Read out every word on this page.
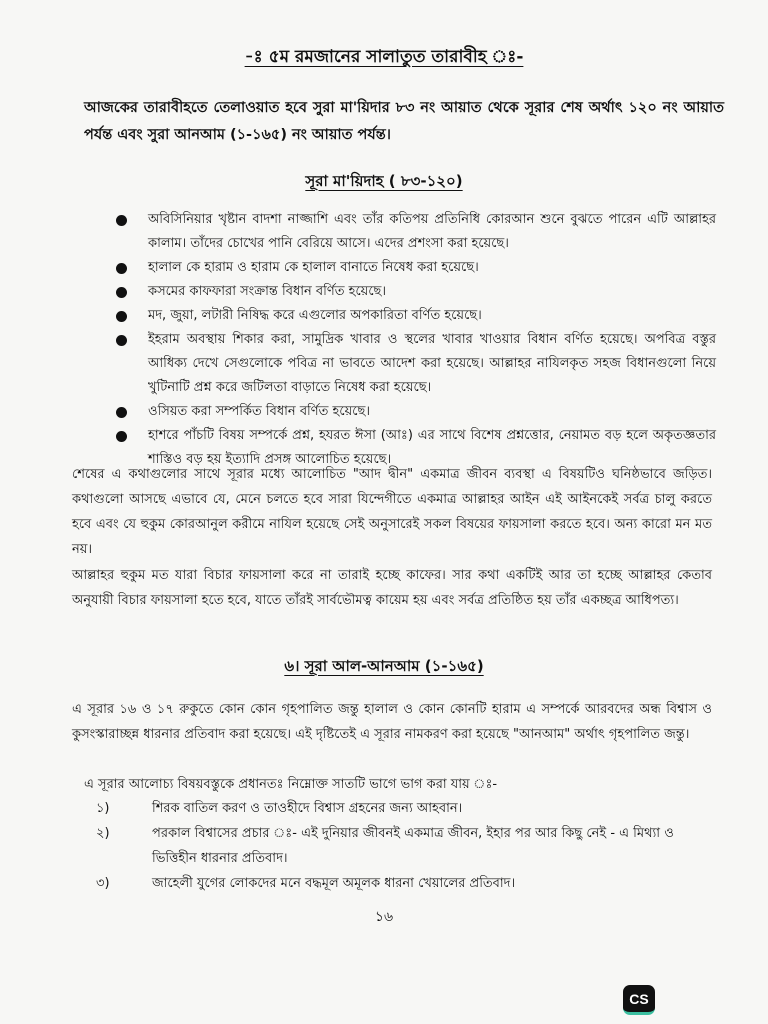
-ঃ ৫ম রমজানের সালাতুত তারাবীহ ঃ-

আজকের তারাবীহতে তেলাওয়াত হবে সুরা মা'য়িদার ৮৩ নং আয়াত থেকে সূরার শেষ অর্থাৎ ১২০ নং আয়াত পর্যন্ত এবং সুরা আনআম (১-১৬৫) নং আয়াত পর্যন্ত।

সূরা মা'য়িদাহ ( ৮৩-১২০)
অবিসিনিয়ার খৃষ্টান বাদশা নাজ্জাশি এবং তাঁর কতিপয় প্রতিনিধি কোরআন শুনে বুঝতে পারেন এটি আল্লাহর কালাম। তাঁদের চোখের পানি বেরিয়ে আসে। এদের প্রশংসা করা হয়েছে।
হালাল কে হারাম ও হারাম কে হালাল বানাতে নিষেধ করা হয়েছে।
কসমের কাফফারা সংক্রান্ত বিধান বর্ণিত হয়েছে।
মদ, জুয়া, লটারী নিষিদ্ধ করে এগুলোর অপকারিতা বর্ণিত হয়েছে।
ইহরাম অবস্থায় শিকার করা, সামুদ্রিক খাবার ও স্থলের খাবার খাওয়ার বিধান বর্ণিত হয়েছে। অপবিত্র বস্তুর আধিক্য দেখে সেগুলোকে পবিত্র না ভাবতে আদেশ করা হয়েছে। আল্লাহর নাযিলকৃত সহজ বিধানগুলো নিয়ে খুটিনাটি প্রশ্ন করে জটিলতা বাড়াতে নিষেধ করা হয়েছে।
ওসিয়ত করা সম্পর্কিত বিধান বর্ণিত হয়েছে।
হাশরে পাঁচটি বিষয় সম্পর্কে প্রশ্ন, হযরত ঈসা (আঃ) এর সাথে বিশেষ প্রশ্নত্তোর, নেয়ামত বড় হলে অকৃতজ্ঞতার শাস্তিও বড় হয় ইত্যাদি প্রসঙ্গ আলোচিত হয়েছে।

শেষের এ কথাগুলোর সাথে সূরার মধ্যে আলোচিত "আদ দ্বীন" একমাত্র জীবন ব্যবস্থা এ বিষয়টিও ঘনিষ্ঠভাবে জড়িত। কথাগুলো আসছে এভাবে যে, মেনে চলতে হবে সারা যিন্দেগীতে একমাত্র আল্লাহর আইন এই আইনকেই সর্বত্র চালু করতে হবে এবং যে হুকুম কোরআনুল করীমে নাযিল হয়েছে সেই অনুসারেই সকল বিষয়ের ফায়সালা করতে হবে। অন্য কারো মন মত নয়।

আল্লাহর হুকুম মত যারা বিচার ফায়সালা করে না তারাই হচ্ছে কাফের। সার কথা একটিই আর তা হচ্ছে আল্লাহর কেতাব অনুযায়ী বিচার ফায়সালা হতে হবে, যাতে তাঁরই সার্বভৌমত্ব কায়েম হয় এবং সর্বত্র প্রতিষ্ঠিত হয় তাঁর একচ্ছত্র আধিপত্য।

৬। সূরা আল-আনআম (১-১৬৫)

এ সূরার ১৬ ও ১৭ রুকুতে কোন কোন গৃহপালিত জন্তু হালাল ও কোন কোনটি হারাম এ সম্পর্কে আরবদের অন্ধ বিশ্বাস ও কুসংস্কারাচ্ছন্ন ধারনার প্রতিবাদ করা হয়েছে। এই দৃষ্টিতেই এ সূরার নামকরণ করা হয়েছে "আনআম" অর্থাৎ গৃহপালিত জন্তু।

এ সূরার আলোচ্য বিষয়বস্তুকে প্রধানতঃ নিম্নোক্ত সাতটি ভাগে ভাগ করা যায় ঃ-

১)	শিরক বাতিল করণ ও তাওহীদে বিশ্বাস গ্রহনের জন্য আহবান।
২)	পরকাল বিশ্বাসের প্রচার ঃ- এই দুনিয়ার জীবনই একমাত্র জীবন, ইহার পর আর কিছু নেই - এ মিথ্যা ও ভিত্তিহীন ধারনার প্রতিবাদ।
৩)	জাহেলী যুগের লোকদের মনে বদ্ধমূল অমূলক ধারনা খেয়ালের প্রতিবাদ।
১৬
CS
